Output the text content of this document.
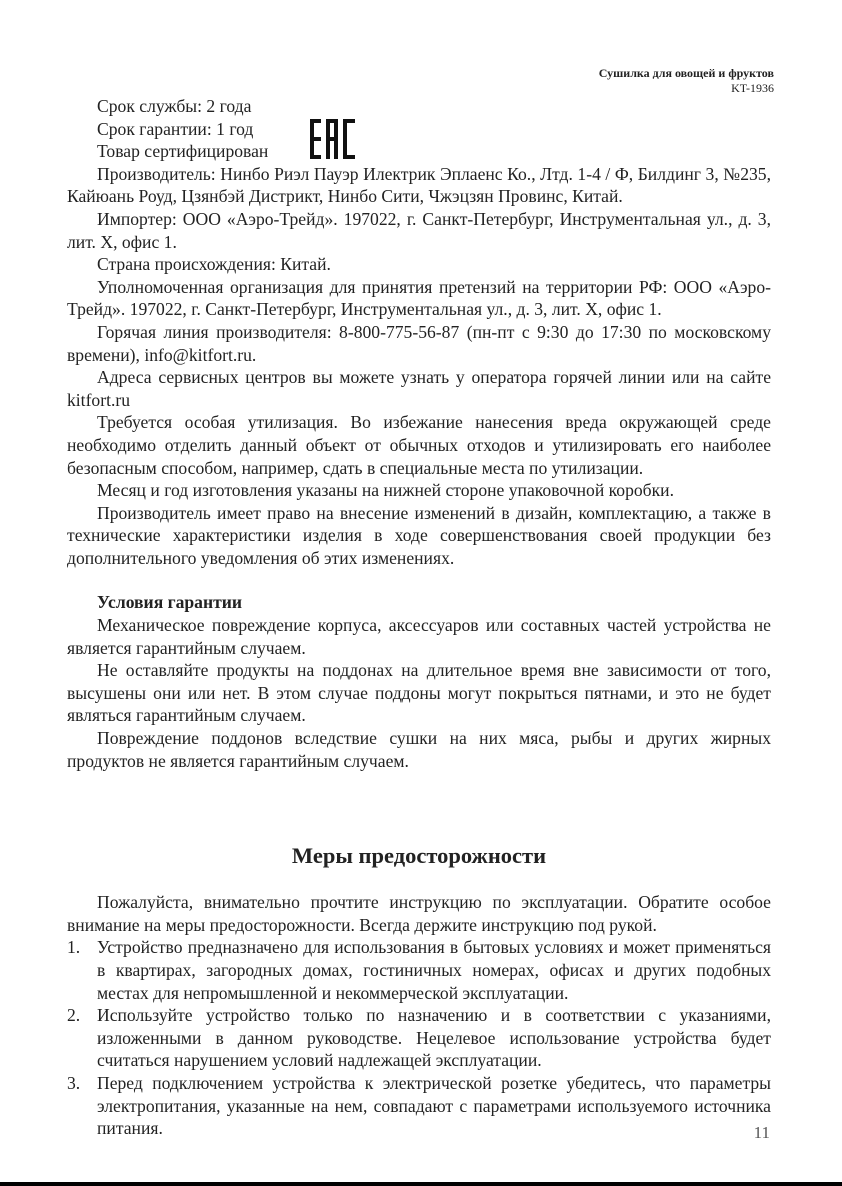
Сушилка для овощей и фруктов
KT-1936

Срок службы: 2 года

Срок гарантии: 1 год

Товар сертифицирован

Производитель: Нинбо Риэл Пауэр Илектрик Эплаенс Ко., Лтд. 1-4 / Ф, Билдинг 3, №235, Кайюань Роуд, Цзянбэй Дистрикт, Нинбо Сити, Чжэцзян Провинс, Китай.

Импортер: ООО «Аэро-Трейд». 197022, г. Санкт-Петербург, Инструментальная ул., д. 3, лит. Х, офис 1.

Страна происхождения: Китай.

Уполномоченная организация для принятия претензий на территории РФ: ООО «Аэро-Трейд». 197022, г. Санкт-Петербург, Инструментальная ул., д. 3, лит. Х, офис 1.

Горячая линия производителя: 8-800-775-56-87 (пн-пт с 9:30 до 17:30 по московскому времени), info@kitfort.ru.

Адреса сервисных центров вы можете узнать у оператора горячей линии или на сайте kitfort.ru

Требуется особая утилизация. Во избежание нанесения вреда окружающей среде необходимо отделить данный объект от обычных отходов и утилизировать его наиболее безопасным способом, например, сдать в специальные места по утилизации.

Месяц и год изготовления указаны на нижней стороне упаковочной коробки.

Производитель имеет право на внесение изменений в дизайн, комплектацию, а также в технические характеристики изделия в ходе совершенствования своей продукции без дополнительного уведомления об этих изменениях.

Условия гарантии

Механическое повреждение корпуса, аксессуаров или составных частей устройства не является гарантийным случаем.

Не оставляйте продукты на поддонах на длительное время вне зависимости от того, высушены они или нет. В этом случае поддоны могут покрыться пятнами, и это не будет являться гарантийным случаем.

Повреждение поддонов вследствие сушки на них мяса, рыбы и других жирных продуктов не является гарантийным случаем.

Меры предосторожности

Пожалуйста, внимательно прочтите инструкцию по эксплуатации. Обратите особое внимание на меры предосторожности. Всегда держите инструкцию под рукой.

1. Устройство предназначено для использования в бытовых условиях и может применяться в квартирах, загородных домах, гостиничных номерах, офисах и других подобных местах для непромышленной и некоммерческой эксплуатации.
2. Используйте устройство только по назначению и в соответствии с указаниями, изложенными в данном руководстве. Нецелевое использование устройства будет считаться нарушением условий надлежащей эксплуатации.
3. Перед подключением устройства к электрической розетке убедитесь, что параметры электропитания, указанные на нем, совпадают с параметрами используемого источника питания.	11
